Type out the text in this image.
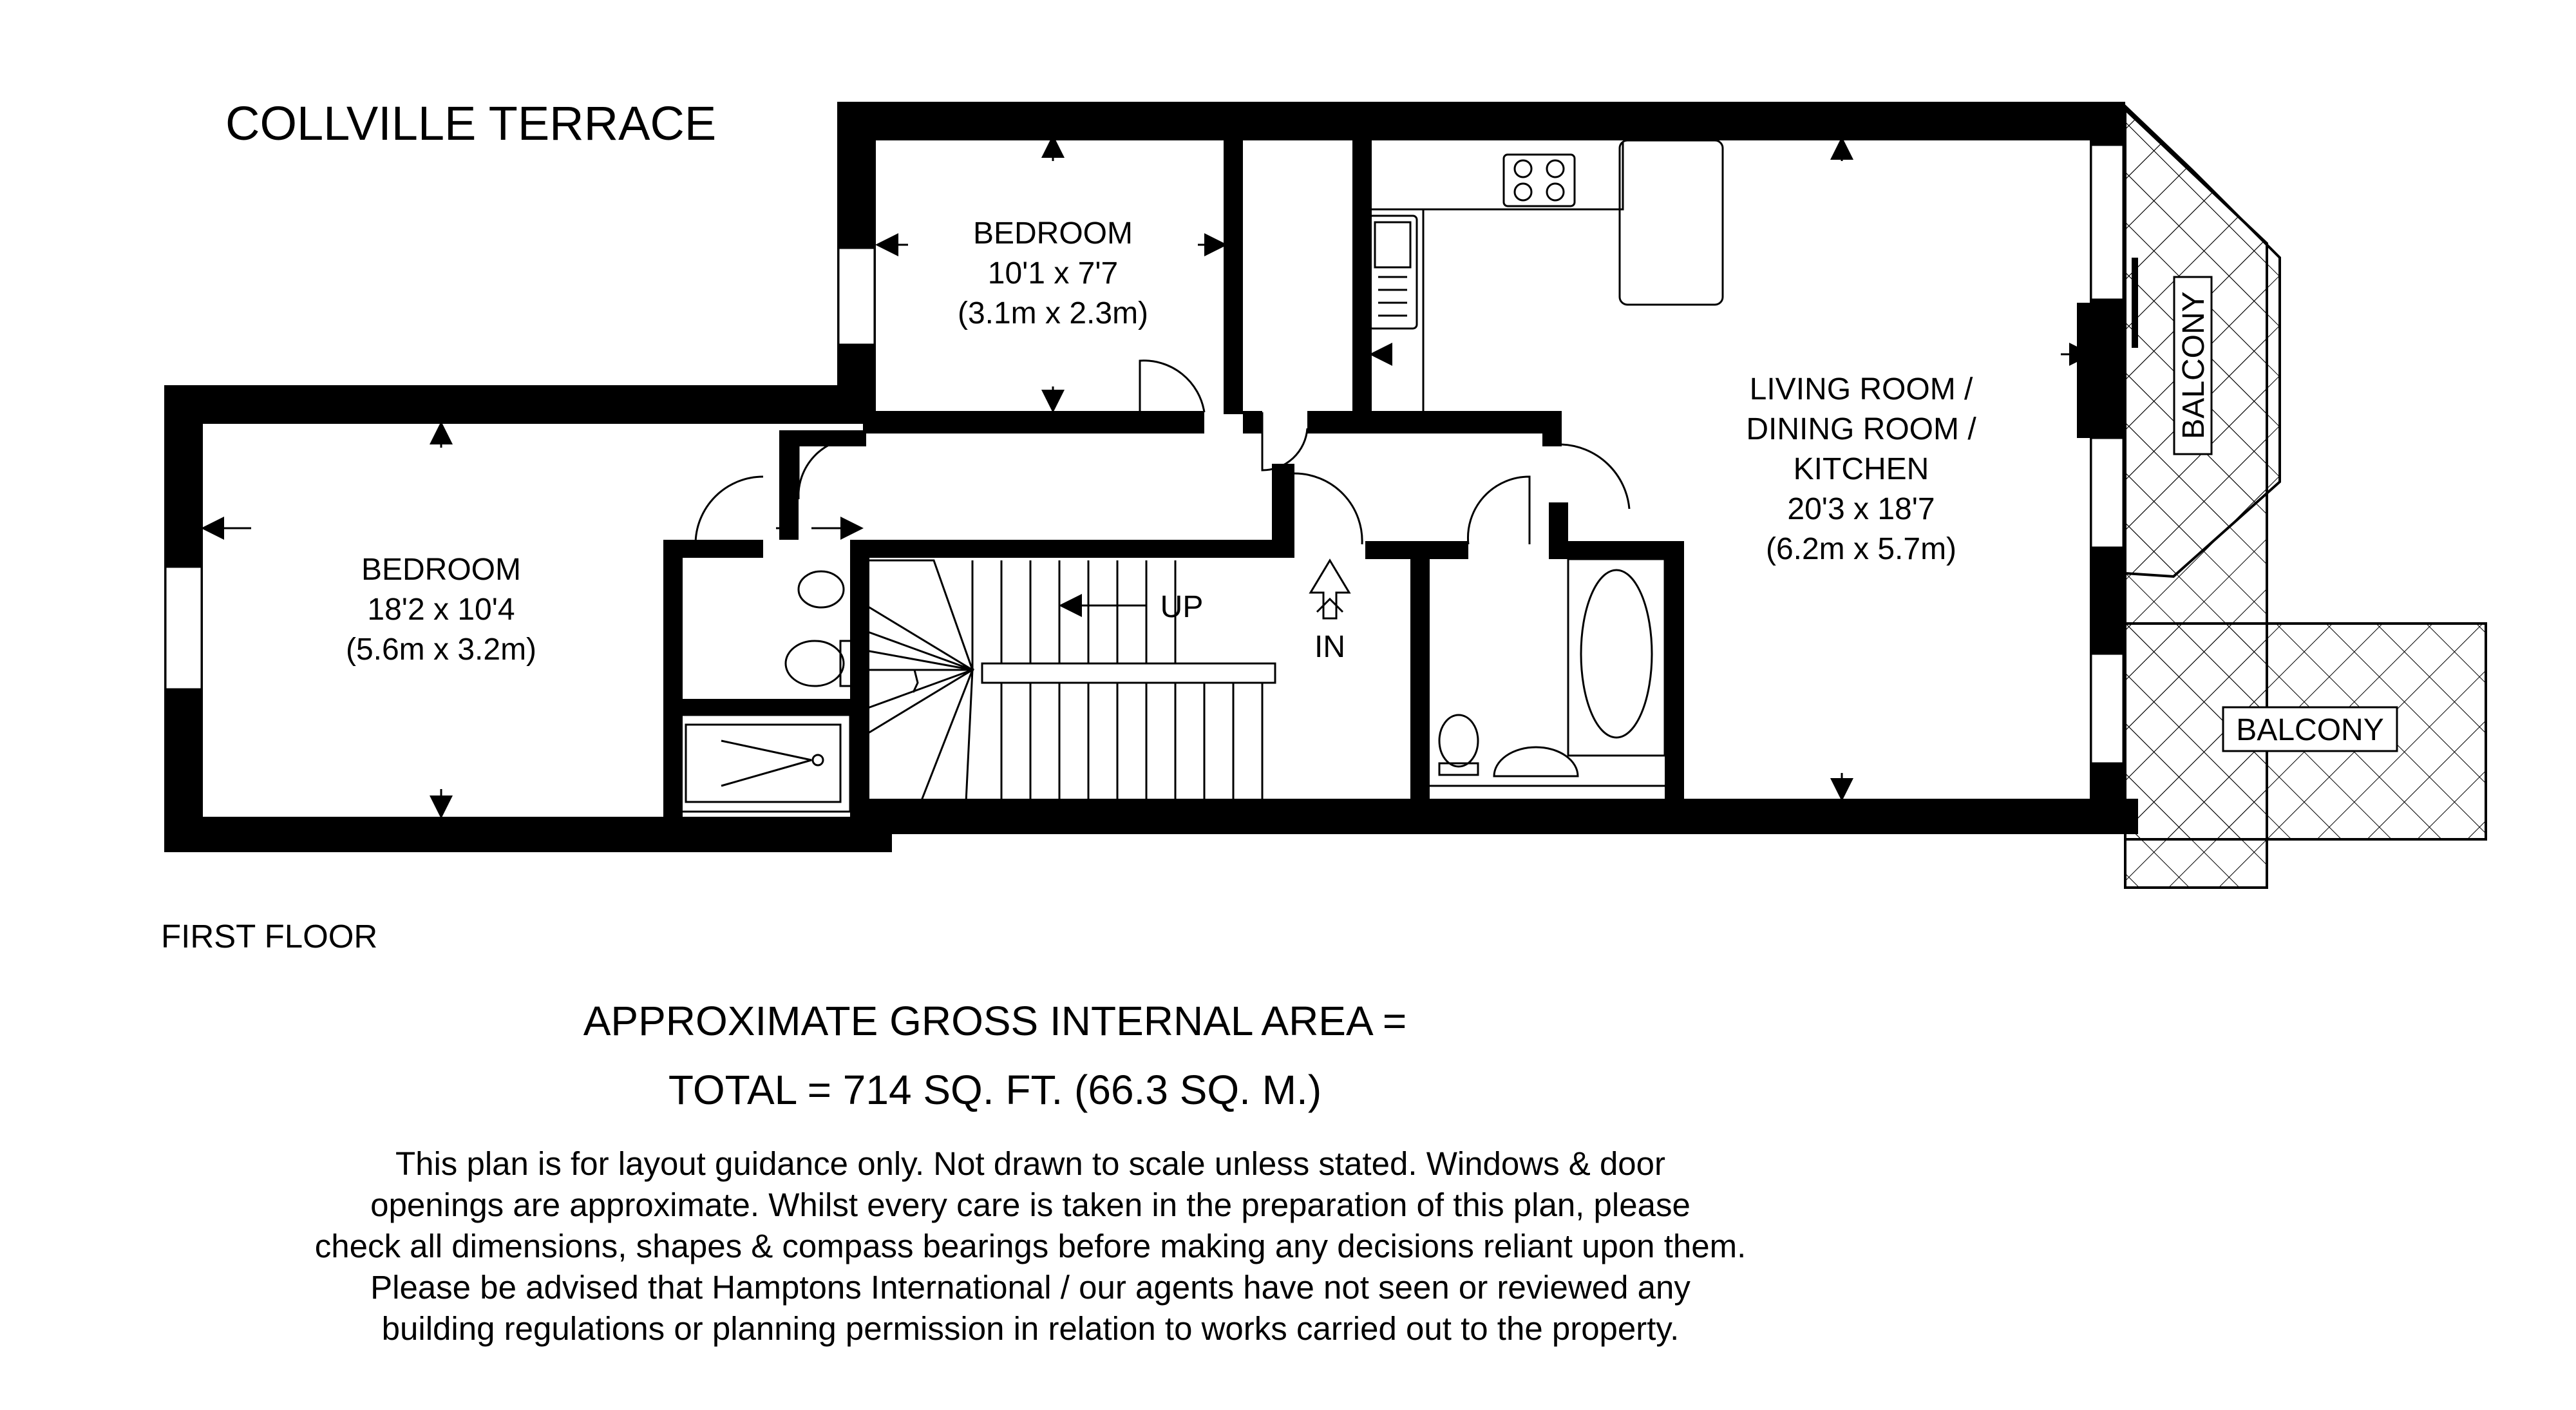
BEDROOM
10'1 x 7'7
(3.1m x 2.3m)
BEDROOM
18'2 x 10'4
(5.6m x 3.2m)
LIVING ROOM /
DINING ROOM /
KITCHEN
20'3 x 18'7
(6.2m x 5.7m)
BALCONY
BALCONY
UP
IN
COLLVILLE TERRACE
FIRST FLOOR
APPROXIMATE GROSS INTERNAL AREA =
TOTAL = 714 SQ. FT. (66.3 SQ. M.)
This plan is for layout guidance only. Not drawn to scale unless stated. Windows & door
openings are approximate. Whilst every care is taken in the preparation of this plan, please
check all dimensions, shapes & compass bearings before making any decisions reliant upon them.
Please be advised that Hamptons International / our agents have not seen or reviewed any
building regulations or planning permission in relation to works carried out to the property.
